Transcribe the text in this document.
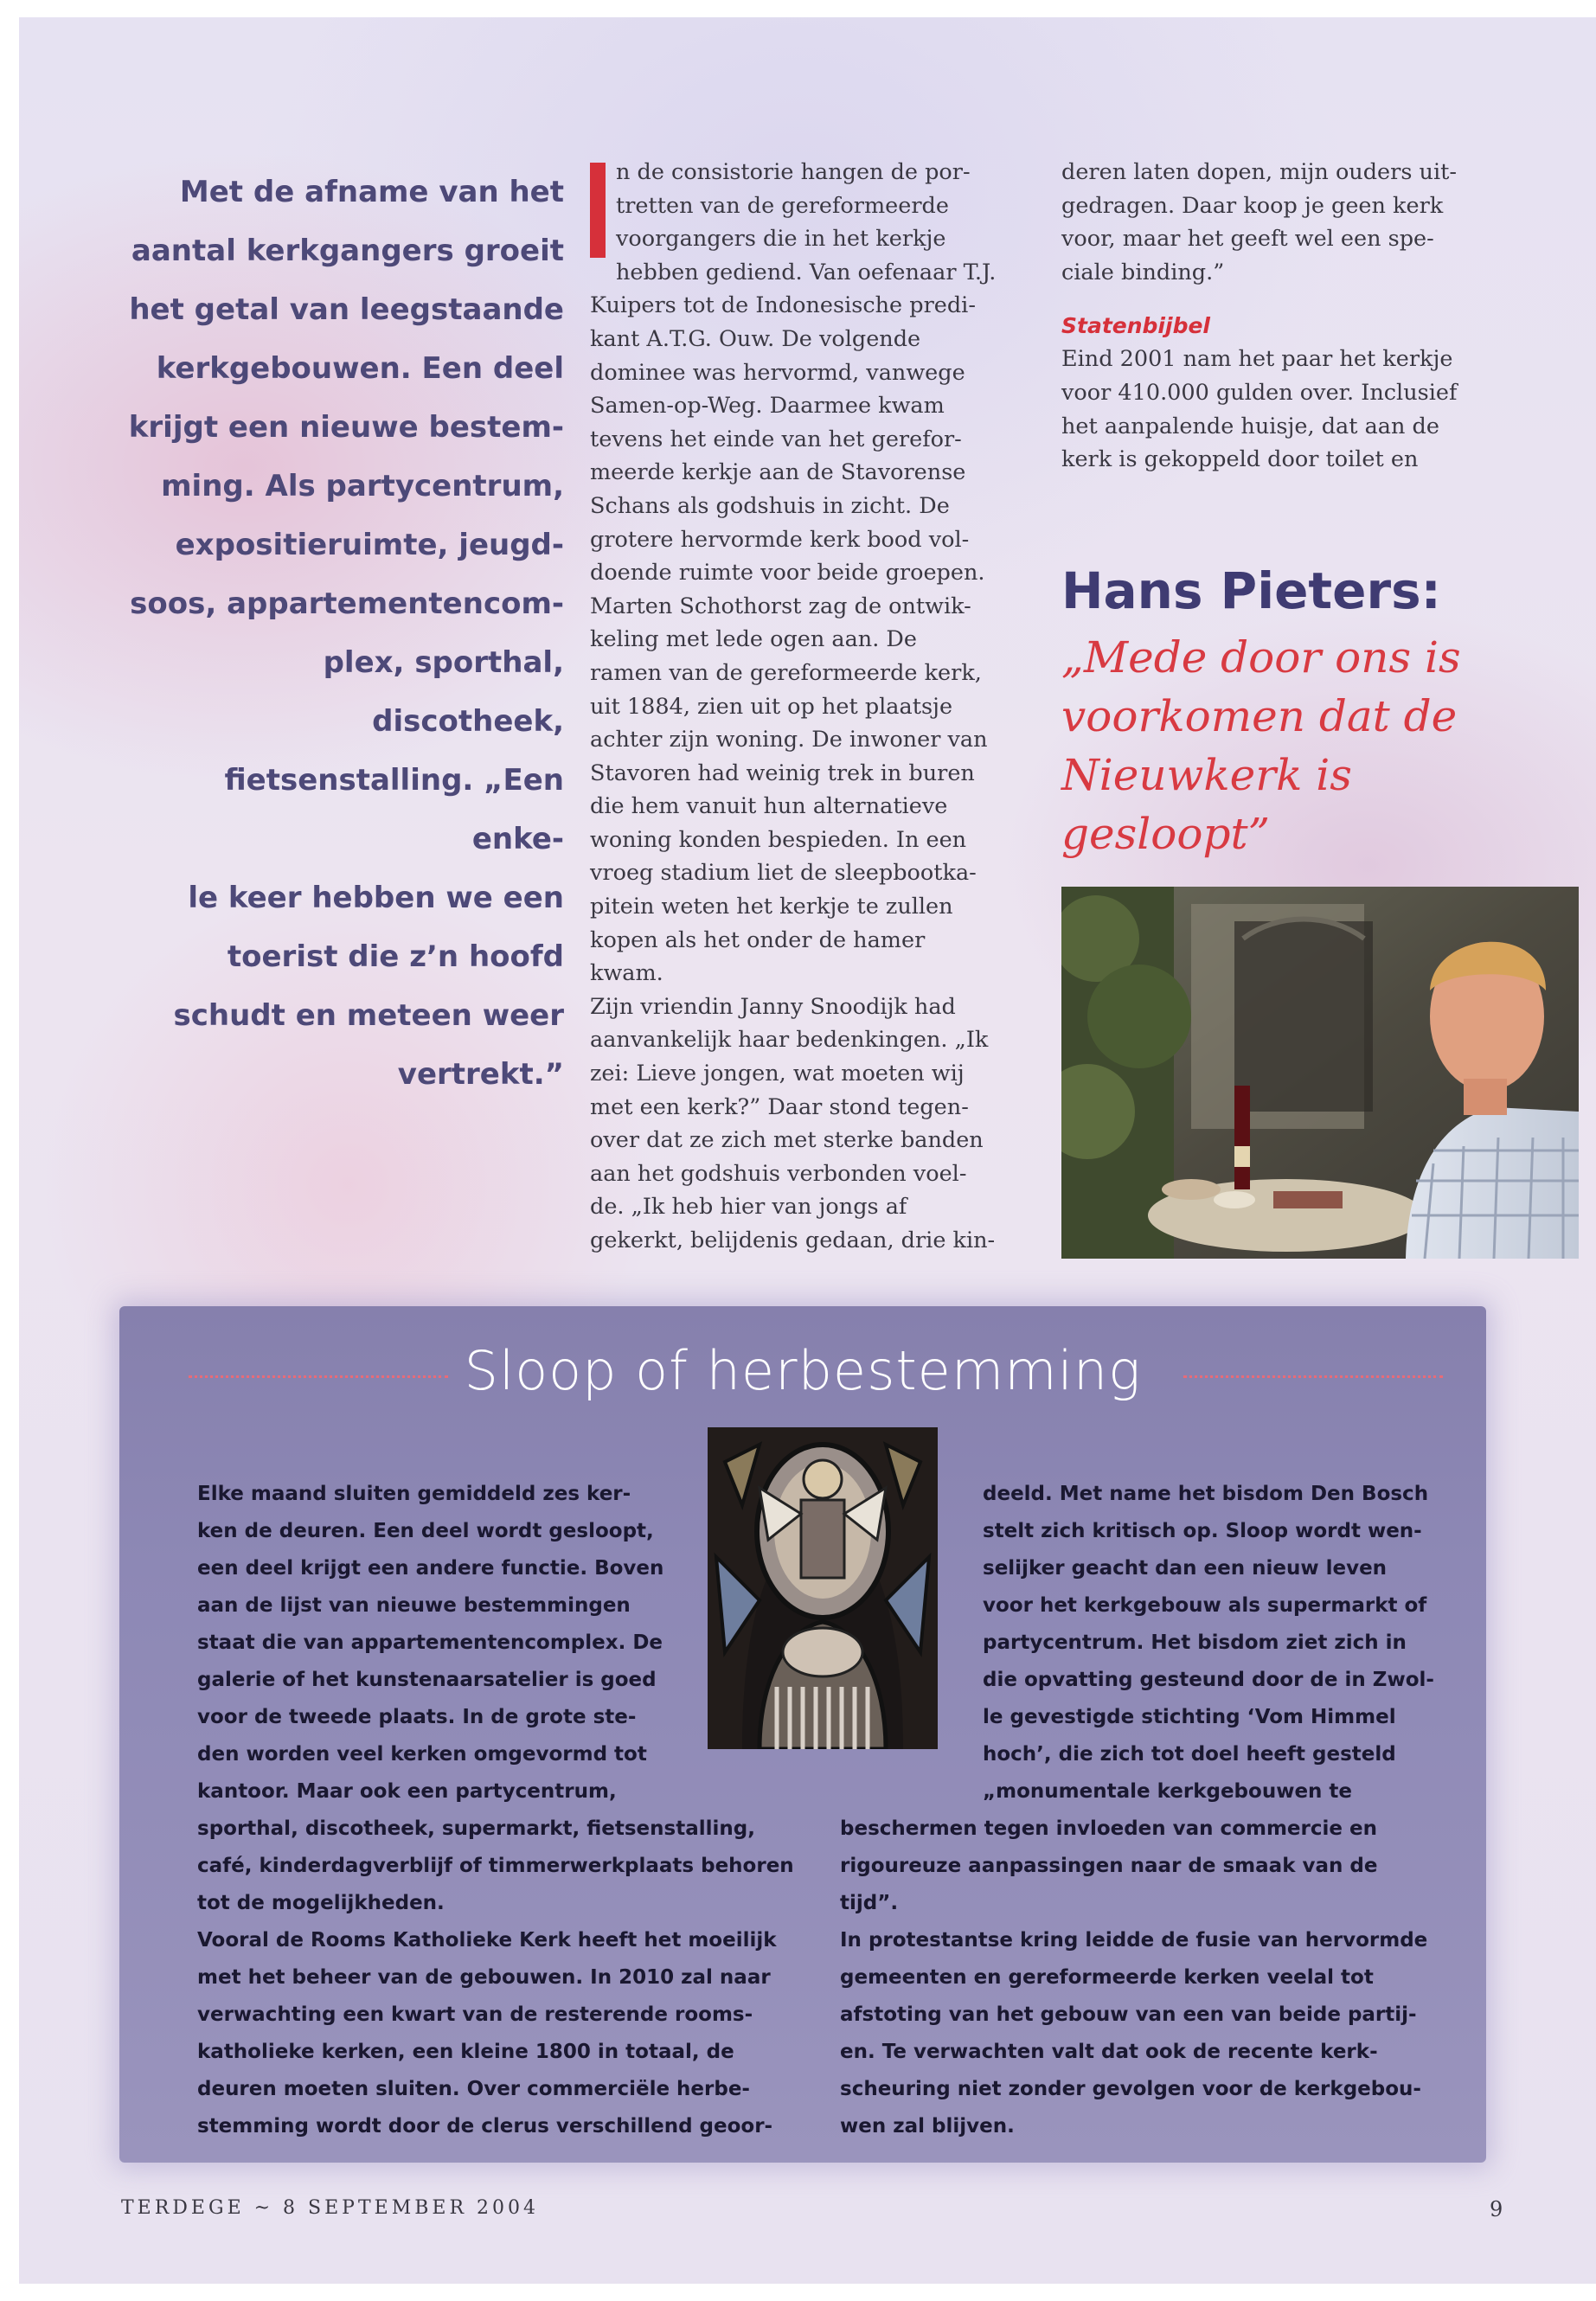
Met de afname van het
aantal kerkgangers groeit
het getal van leegstaande
kerkgebouwen. Een deel
krijgt een nieuwe bestem-
ming. Als partycentrum,
expositieruimte, jeugd-
soos, appartementencom-
plex, sporthal, discotheek,
fietsenstalling. „Een enke-
le keer hebben we een
toerist die z’n hoofd
schudt en meteen weer
vertrekt.”

n de consistorie hangen de por-

tretten van de gereformeerde

voorgangers die in het kerkje

hebben gediend. Van oefenaar T.J.

Kuipers tot de Indonesische predi-

kant A.T.G. Ouw. De volgende

dominee was hervormd, vanwege

Samen-op-Weg. Daarmee kwam

tevens het einde van het gerefor-

meerde kerkje aan de Stavorense

Schans als godshuis in zicht. De

grotere hervormde kerk bood vol-

doende ruimte voor beide groepen.

Marten Schothorst zag de ontwik-

keling met lede ogen aan. De

ramen van de gereformeerde kerk,

uit 1884, zien uit op het plaatsje

achter zijn woning. De inwoner van

Stavoren had weinig trek in buren

die hem vanuit hun alternatieve

woning konden bespieden. In een

vroeg stadium liet de sleepbootka-

pitein weten het kerkje te zullen

kopen als het onder de hamer

kwam.

Zijn vriendin Janny Snoodijk had

aanvankelijk haar bedenkingen. „Ik

zei: Lieve jongen, wat moeten wij

met een kerk?” Daar stond tegen-

over dat ze zich met sterke banden

aan het godshuis verbonden voel-

de. „Ik heb hier van jongs af

gekerkt, belijdenis gedaan, drie kin-

deren laten dopen, mijn ouders uit-

gedragen. Daar koop je geen kerk

voor, maar het geeft wel een spe-

ciale binding.”

Statenbijbel

Eind 2001 nam het paar het kerkje

voor 410.000 gulden over. Inclusief

het aanpalende huisje, dat aan de

kerk is gekoppeld door toilet en

Hans Pieters:
„Mede door ons is
voorkomen dat de
Nieuwkerk is
gesloopt”
Sloop of herbestemming

Elke maand sluiten gemiddeld zes ker-

ken de deuren. Een deel wordt gesloopt,

een deel krijgt een andere functie. Boven

aan de lijst van nieuwe bestemmingen

staat die van appartementencomplex. De

galerie of het kunstenaarsatelier is goed

voor de tweede plaats. In de grote ste-

den worden veel kerken omgevormd tot

kantoor. Maar ook een partycentrum,

sporthal, discotheek, supermarkt, fietsenstalling,

café, kinderdagverblijf of timmerwerkplaats behoren

tot de mogelijkheden.

Vooral de Rooms Katholieke Kerk heeft het moeilijk

met het beheer van de gebouwen. In 2010 zal naar

verwachting een kwart van de resterende rooms-

katholieke kerken, een kleine 1800 in totaal, de

deuren moeten sluiten. Over commerciële herbe-

stemming wordt door de clerus verschillend geoor-

deeld. Met name het bisdom Den Bosch

stelt zich kritisch op. Sloop wordt wen-

selijker geacht dan een nieuw leven

voor het kerkgebouw als supermarkt of

partycentrum. Het bisdom ziet zich in

die opvatting gesteund door de in Zwol-

le gevestigde stichting ‘Vom Himmel

hoch’, die zich tot doel heeft gesteld

„monumentale kerkgebouwen te

beschermen tegen invloeden van commercie en

rigoureuze aanpassingen naar de smaak van de

tijd”.

In protestantse kring leidde de fusie van hervormde

gemeenten en gereformeerde kerken veelal tot

afstoting van het gebouw van een van beide partij-

en. Te verwachten valt dat ook de recente kerk-

scheuring niet zonder gevolgen voor de kerkgebou-

wen zal blijven.

TERDEGE ~ 8 SEPTEMBER 2004	9
